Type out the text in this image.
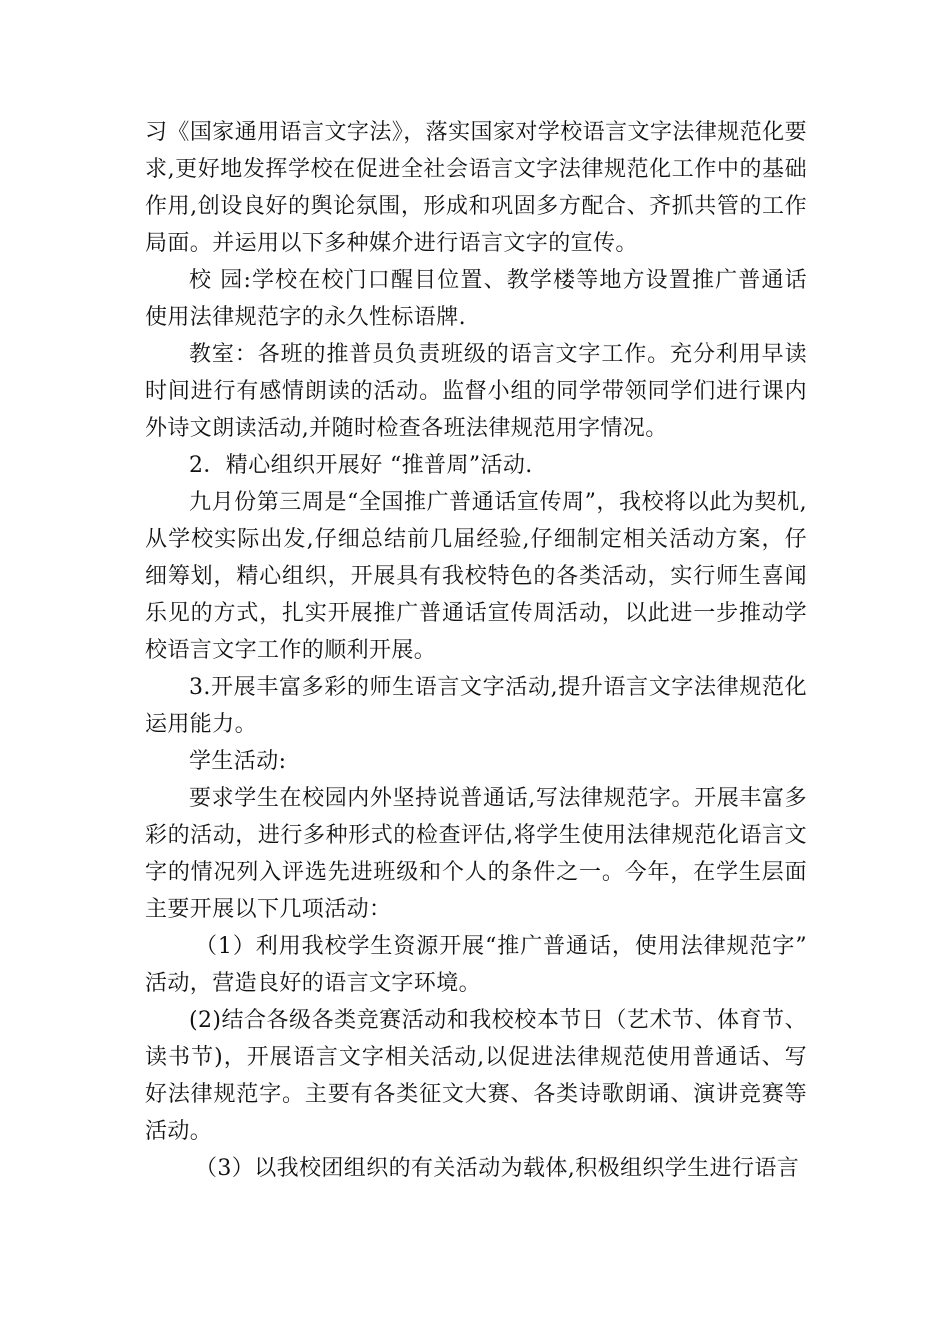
习《国家通用语言文字法》，落实国家对学校语言文字法律规范化要求,更好地发挥学校在促进全社会语言文字法律规范化工作中的基础作用,创设良好的舆论氛围，形成和巩固多方配合、齐抓共管的工作局面。并运用以下多种媒介进行语言文字的宣传。

校 园:学校在校门口醒目位置、教学楼等地方设置推广普通话使用法律规范字的永久性标语牌.

教室：各班的推普员负责班级的语言文字工作。充分利用早读时间进行有感情朗读的活动。监督小组的同学带领同学们进行课内外诗文朗读活动,并随时检查各班法律规范用字情况。

2．精心组织开展好 “推普周”活动.

九月份第三周是“全国推广普通话宣传周”，我校将以此为契机,从学校实际出发,仔细总结前几届经验,仔细制定相关活动方案，仔细筹划，精心组织，开展具有我校特色的各类活动，实行师生喜闻乐见的方式，扎实开展推广普通话宣传周活动，以此进一步推动学校语言文字工作的顺利开展。

3.开展丰富多彩的师生语言文字活动,提升语言文字法律规范化运用能力。

学生活动:

要求学生在校园内外坚持说普通话,写法律规范字。开展丰富多彩的活动，进行多种形式的检查评估,将学生使用法律规范化语言文字的情况列入评选先进班级和个人的条件之一。今年，在学生层面主要开展以下几项活动：

（1）利用我校学生资源开展“推广普通话，使用法律规范字”活动，营造良好的语言文字环境。

(2)结合各级各类竞赛活动和我校校本节日（艺术节、体育节、读书节)，开展语言文字相关活动,以促进法律规范使用普通话、写好法律规范字。主要有各类征文大赛、各类诗歌朗诵、演讲竞赛等活动。

（3）以我校团组织的有关活动为载体,积极组织学生进行语言
